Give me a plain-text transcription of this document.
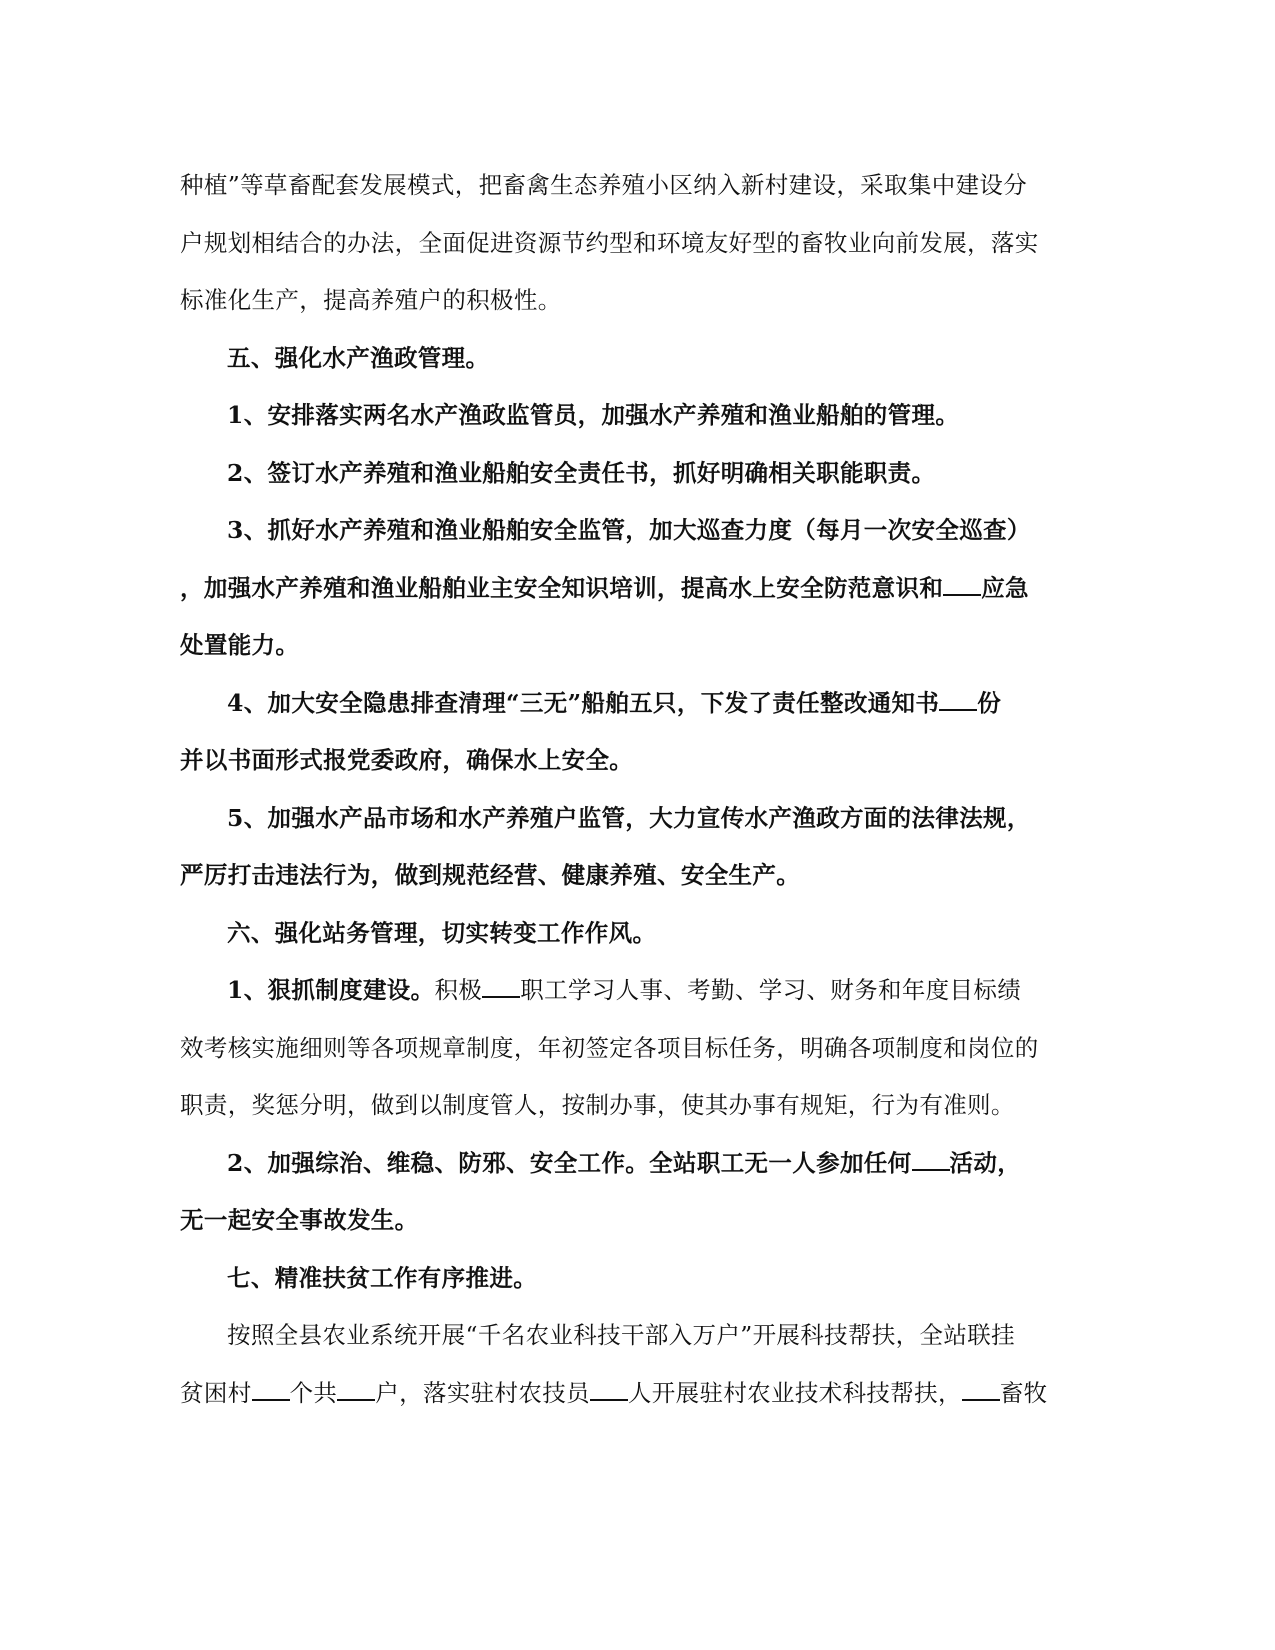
种植”等草畜配套发展模式，把畜禽生态养殖小区纳入新村建设，采取集中建设分
户规划相结合的办法，全面促进资源节约型和环境友好型的畜牧业向前发展，落实
标准化生产，提高养殖户的积极性。
五、强化水产渔政管理。
1、安排落实两名水产渔政监管员，加强水产养殖和渔业船舶的管理。
2、签订水产养殖和渔业船舶安全责任书，抓好明确相关职能职责。
3、抓好水产养殖和渔业船舶安全监管，加大巡查力度（每月一次安全巡查）
，加强水产养殖和渔业船舶业主安全知识培训，提高水上安全防范意识和 应急
处置能力。
4、加大安全隐患排查清理“三无”船舶五只，下发了责任整改通知书 份
并以书面形式报党委政府，确保水上安全。
5、加强水产品市场和水产养殖户监管，大力宣传水产渔政方面的法律法规，
严厉打击违法行为，做到规范经营、健康养殖、安全生产。
六、强化站务管理，切实转变工作作风。
1、狠抓制度建设。积极 职工学习人事、考勤、学习、财务和年度目标绩
效考核实施细则等各项规章制度，年初签定各项目标任务，明确各项制度和岗位的
职责，奖惩分明，做到以制度管人，按制办事，使其办事有规矩，行为有准则。
2、加强综治、维稳、防邪、安全工作。全站职工无一人参加任何 活动，
无一起安全事故发生。
七、精准扶贫工作有序推进。
按照全县农业系统开展“千名农业科技干部入万户”开展科技帮扶，全站联挂
贫困村 个共 户，落实驻村农技员 人开展驻村农业技术科技帮扶， 畜牧
